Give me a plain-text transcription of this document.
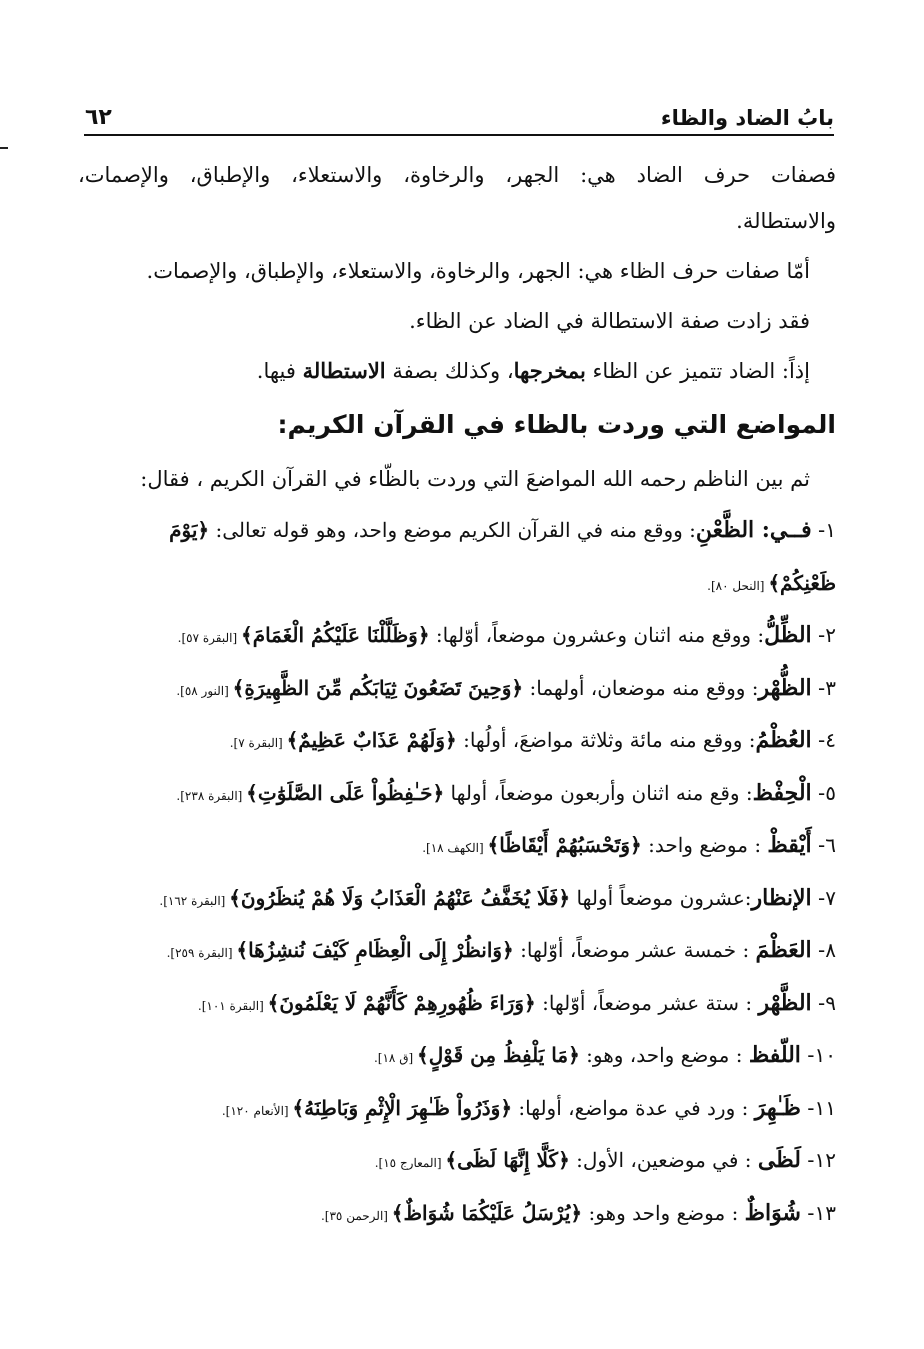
٦٢	بابُ الضاد والظاء
فصفات حرف الضاد هي: الجهر، والرخاوة، والاستعلاء، والإطباق، والإصمات،
والاستطالة.
أمّا صفات حرف الظاء هي: الجهر، والرخاوة، والاستعلاء، والإطباق، والإصمات.
فقد زادت صفة الاستطالة في الضاد عن الظاء.
إذاً: الضاد تتميز عن الظاء بمخرجها، وكذلك بصفة الاستطالة فيها.
المواضع التي وردت بالظاء في القرآن الكريم:
ثم بين الناظم رحمه الله المواضعَ التي وردت بالظّاء في القرآن الكريم ، فقال:
١- فــي: الظَّعْنِ: ووقع منه في القرآن الكريم موضع واحد، وهو قوله تعالى: ﴿يَوْمَ
ظَعْنِكُمْ﴾ [النحل ٨٠].
٢- الظِّلُّ: ووقع منه اثنان وعشرون موضعاً، أوّلها: ﴿وَظَلَّلْنَا عَلَيْكُمُ الْغَمَامَ﴾ [البقرة ٥٧].
٣- الظُّهْر: ووقع منه موضعان، أولهما: ﴿وَحِينَ تَضَعُونَ ثِيَابَكُم مِّنَ الظَّهِيرَةِ﴾ [النور ٥٨].
٤- العُظْمُ: ووقع منه مائة وثلاثة مواضعَ، أولُها: ﴿وَلَهُمْ عَذَابٌ عَظِيمٌ﴾ [البقرة ٧].
٥- الْحِفْظ: وقع منه اثنان وأربعون موضعاً، أولها ﴿حَـٰفِظُواْ عَلَى الصَّلَوَٰتِ﴾ [البقرة ٢٣٨].
٦- أَيْقظْ : موضع واحد: ﴿وَتَحْسَبُهُمْ أَيْقَاظًا﴾ [الكهف ١٨].
٧- الإنظار:عشرون موضعاً أولها ﴿فَلَا يُخَفَّفُ عَنْهُمُ الْعَذَابُ وَلَا هُمْ يُنظَرُونَ﴾ [البقرة ١٦٢].
٨- العَظْمَ : خمسة عشر موضعاً، أوّلها: ﴿وَانظُرْ إِلَى الْعِظَامِ كَيْفَ نُنشِزُهَا﴾ [البقرة ٢٥٩].
٩- الظَّهْر : ستة عشر موضعاً، أوّلها: ﴿وَرَاءَ ظُهُورِهِمْ كَأَنَّهُمْ لَا يَعْلَمُونَ﴾ [البقرة ١٠١].
١٠- اللّفظ : موضع واحد، وهو: ﴿مَا يَلْفِظُ مِن قَوْلٍ﴾ [ق ١٨].
١١- ظَـٰهِرَ : ورد في عدة مواضع، أولها: ﴿وَذَرُواْ ظَـٰهِرَ الْإِثْمِ وَبَاطِنَهُ﴾ [الأنعام ١٢٠].
١٢- لَظَى : في موضعين، الأول: ﴿كَلَّا إِنَّهَا لَظَى﴾ [المعارج ١٥].
١٣- شُوَاظٌ : موضع واحد وهو: ﴿يُرْسَلُ عَلَيْكُمَا شُوَاظٌ﴾ [الرحمن ٣٥].
